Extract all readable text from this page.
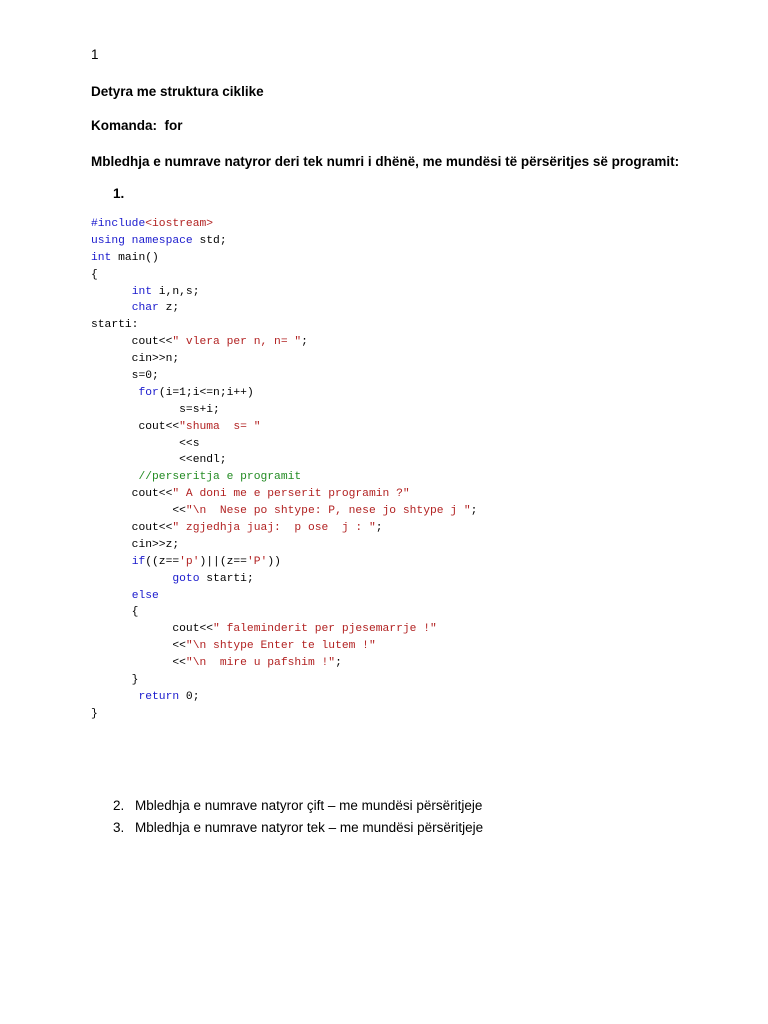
1
Detyra me struktura ciklike
Komanda: for
Mbledhja e numrave natyror deri tek numri i dhënë, me mundësi të përsëritjes së programit:
1.
#include<iostream>
using namespace std;
int main()
{
int i,n,s;
char z;
starti:
cout<<" vlera per n, n= ";
cin>>n;
s=0;
for(i=1;i<=n;i++)
s=s+i;
cout<<"shuma  s= "
<<s
<<endl;
//perseritja e programit
cout<<" A doni me e perserit programin ?"
<<"\n  Nese po shtype: P, nese jo shtype j ";
cout<<" zgjedhja juaj:  p ose  j : ";
cin>>z;
if((z=='p')||(z=='P'))
goto starti;
else
{
cout<<" faleminderit per pjesemarrje !"
<<"\n shtype Enter te lutem !"
<<"\n  mire u pafshim !";
}
return 0;
}
2. Mbledhja e numrave natyror çift – me mundësi përsëritjeje
3. Mbledhja e numrave natyror tek – me mundësi përsëritjeje
